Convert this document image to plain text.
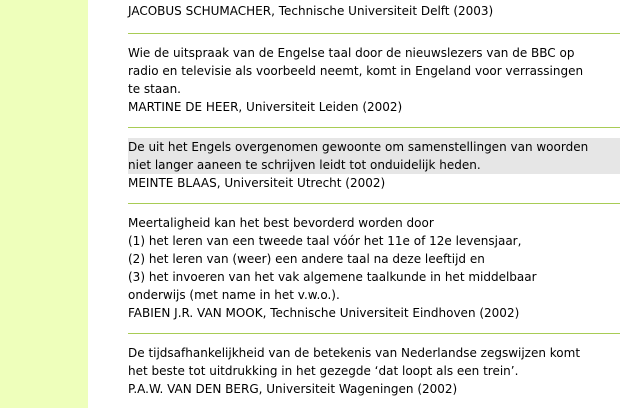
JACOBUS SCHUMACHER, Technische Universiteit Delft (2003)
Wie de uitspraak van de Engelse taal door de nieuwslezers van de BBC op
radio en televisie als voorbeeld neemt, komt in Engeland voor verrassingen
te staan.
MARTINE DE HEER, Universiteit Leiden (2002)
De uit het Engels overgenomen gewoonte om samenstellingen van woorden
niet langer aaneen te schrijven leidt tot onduidelijk heden.
MEINTE BLAAS, Universiteit Utrecht (2002)
Meertaligheid kan het best bevorderd worden door
(1) het leren van een tweede taal vóór het 11e of 12e levensjaar,
(2) het leren van (weer) een andere taal na deze leeftijd en
(3) het invoeren van het vak algemene taalkunde in het middelbaar
onderwijs (met name in het v.w.o.).
FABIEN J.R. VAN MOOK, Technische Universiteit Eindhoven (2002)
De tijdsafhankelijkheid van de betekenis van Nederlandse zegswijzen komt
het beste tot uitdrukking in het gezegde ‘dat loopt als een trein’.
P.A.W. VAN DEN BERG, Universiteit Wageningen (2002)
